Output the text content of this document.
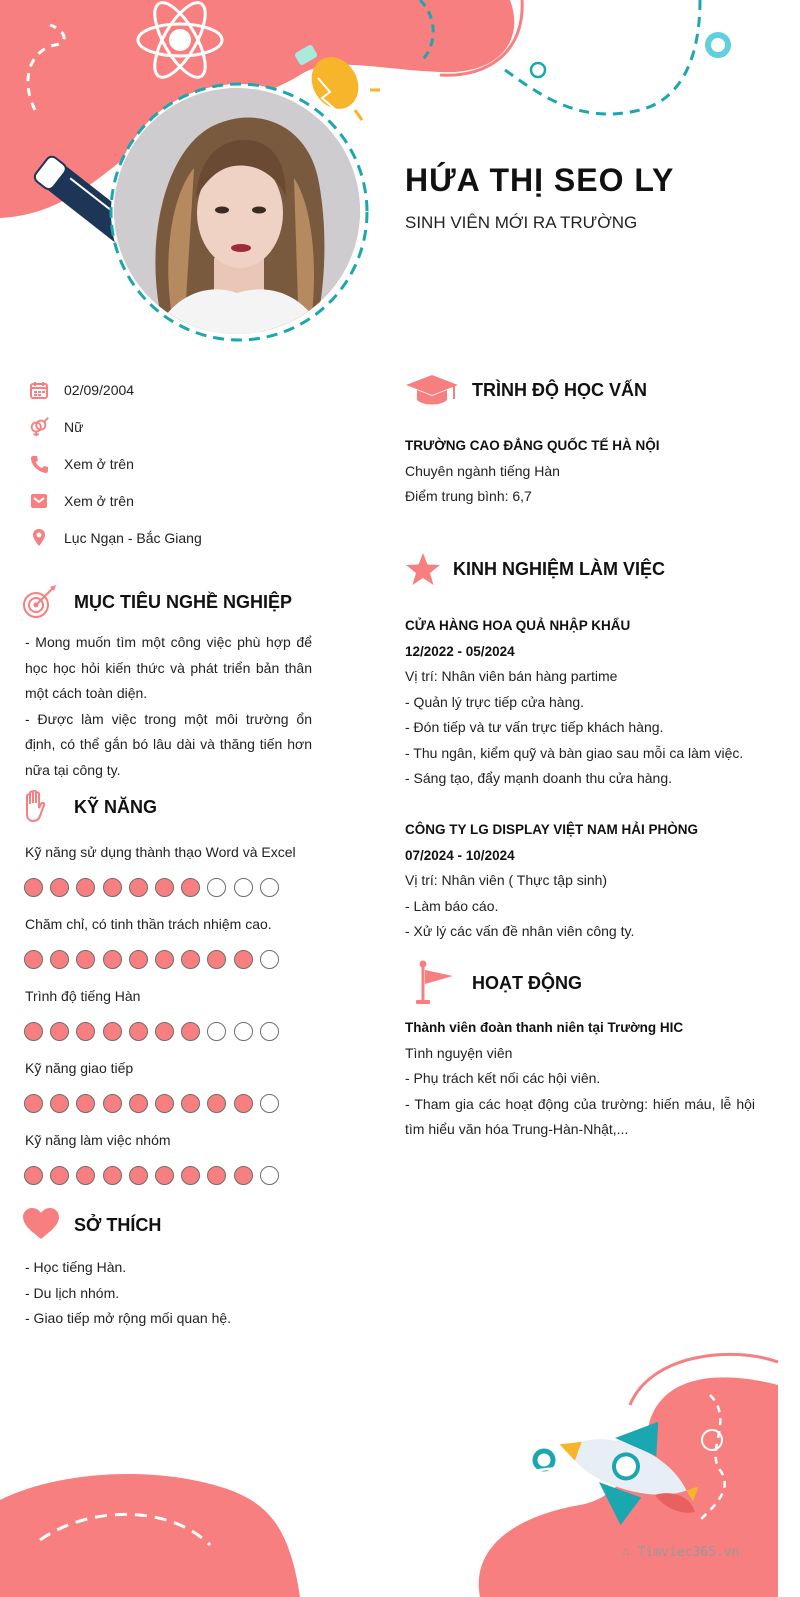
HỨA THỊ SEO LY
SINH VIÊN MỚI RA TRƯỜNG
02/09/2004
Nữ
Xem ở trên
Xem ở trên
Lục Ngạn - Bắc Giang
MỤC TIÊU NGHỀ NGHIỆP
- Mong muốn tìm một công việc phù hợp để học học hỏi kiến thức và phát triển bản thân một cách toàn diện.
- Được làm việc trong một môi trường ổn định, có thể gắn bó lâu dài và thăng tiến hơn nữa tại công ty.
KỸ NĂNG
Kỹ năng sử dụng thành thạo Word và Excel
Chăm chỉ, có tinh thần trách nhiệm cao.
Trình độ tiếng Hàn
Kỹ năng giao tiếp
Kỹ năng làm việc nhóm
SỞ THÍCH
- Học tiếng Hàn.
- Du lịch nhóm.
- Giao tiếp mở rộng mối quan hệ.
TRÌNH ĐỘ HỌC VẤN
TRƯỜNG CAO ĐẲNG QUỐC TẾ HÀ NỘI
Chuyên ngành tiếng Hàn
Điểm trung bình: 6,7
KINH NGHIỆM LÀM VIỆC
CỬA HÀNG HOA QUẢ NHẬP KHẨU
12/2022 - 05/2024
Vị trí: Nhân viên bán hàng partime
- Quản lý trực tiếp cửa hàng.
- Đón tiếp và tư vấn trực tiếp khách hàng.
- Thu ngân, kiểm quỹ và bàn giao sau mỗi ca làm việc.
- Sáng tạo, đẩy mạnh doanh thu cửa hàng.
CÔNG TY LG DISPLAY VIỆT NAM HẢI PHÒNG
07/2024 - 10/2024
Vị trí: Nhân viên ( Thực tập sinh)
- Làm báo cáo.
- Xử lý các vấn đề nhân viên công ty.
HOẠT ĐỘNG
Thành viên đoàn thanh niên tại Trường HIC
Tình nguyện viên
- Phụ trách kết nối các hội viên.
- Tham gia các hoạt động của trường: hiến máu, lễ hội tìm hiểu văn hóa Trung-Hàn-Nhật,...
∴ Timviec365.vn
